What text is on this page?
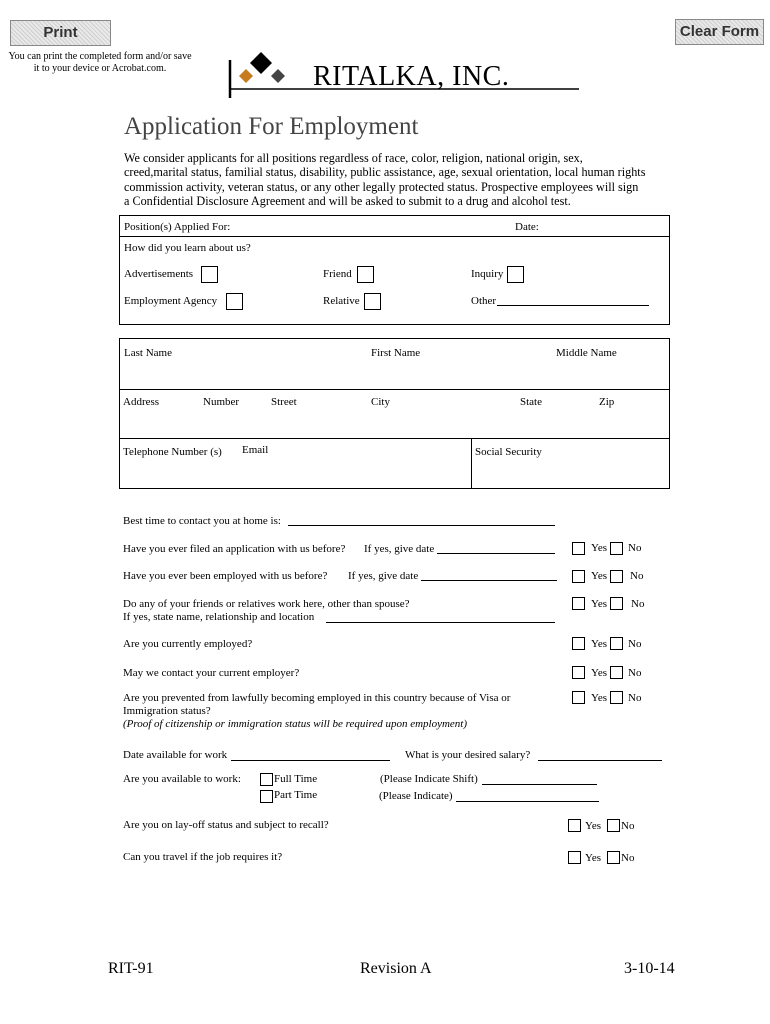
Print	Clear Form
You can print the completed form and/or save it to your device or Acrobat.com.	RITALKA, INC.
Application For Employment
We consider applicants for all positions regardless of race, color, religion, national origin, sex, creed,marital status, familial status, disability, public assistance, age, sexual orientation, local human rights commission activity, veteran status, or any other legally protected status. Prospective employees will sign a Confidential Disclosure Agreement and will be asked to submit to a drug and alcohol test.
Position(s) Applied For:	Date:
How did you learn about us?
Advertisements	Friend	Inquiry
Employment Agency	Relative	Other
Last Name	First Name	Middle Name
Address	Number	Street	City	State	Zip
Telephone Number (s) Email	Social Security
Best time to contact you at home is:
Have you ever filed an application with us before? If yes, give date	Yes No
Have you ever been employed with us before? If yes, give date	Yes No
Do any of your friends or relatives work here, other than spouse?
If yes, state name, relationship and location
Yes No
Are you currently employed?	Yes No
May we contact your current employer?	Yes No
Are you prevented from lawfully becoming employed in this country because of Visa or
Immigration status?
(Proof of citizenship or immigration status will be required upon employment)
Yes No
Date available for work	What is your desired salary?
Are you available to work:	Full Time	(Please Indicate Shift)
Part Time	(Please Indicate)
Are you on lay-off status and subject to recall?	Yes No
Can you travel if the job requires it?	Yes No
RIT-91	Revision A	3-10-14
